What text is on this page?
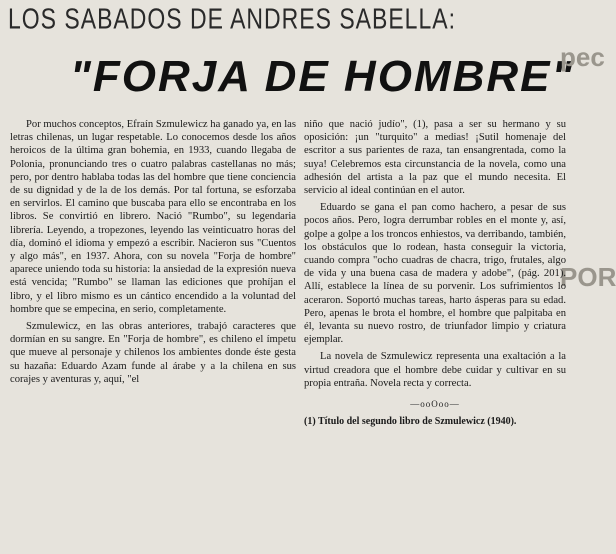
LOS SABADOS DE ANDRES SABELLA:
"FORJA DE HOMBRE"
pec
POR

Por muchos conceptos, Efraín Szmulewicz ha ganado ya, en las letras chilenas, un lugar respetable. Lo conocemos desde los años heroicos de la última gran bohemia, en 1933, cuando llegaba de Polonia, pronunciando tres o cuatro palabras castellanas no más; pero, por dentro hablaba todas las del hombre que tiene conciencia de su dignidad y de la de los demás. Por tal fortuna, se esforzaba en servirlos. El camino que buscaba para ello se encontraba en los libros. Se convirtió en librero. Nació "Rumbo", su legendaria librería. Leyendo, a tropezones, leyendo las veinticuatro horas del día, dominó el idioma y empezó a escribir. Nacieron sus "Cuentos y algo más", en 1937. Ahora, con su novela "Forja de hombre" aparece uniendo toda su historia: la ansiedad de la expresión nueva está vencida; "Rumbo" se llaman las ediciones que prohíjan el libro, y el libro mismo es un cántico encendido a la voluntad del hombre que se empecina, en serio, completamente.

Szmulewicz, en las obras anteriores, trabajó caracteres que dormían en su sangre. En "Forja de hombre", es chileno el ímpetu que mueve al personaje y chilenos los ambientes donde éste gesta su hazaña: Eduardo Azam funde al árabe y a la chilena en sus corajes y aventuras y, aquí, "el

niño que nació judío", (1), pasa a ser su hermano y su oposición: ¡un "turquito" a medias! ¡Sutil homenaje del escritor a sus parientes de raza, tan ensangrentada, como la suya! Celebremos esta circunstancia de la novela, como una adhesión del artista a la paz que el mundo necesita. El servicio al ideal continúan en el autor.

Eduardo se gana el pan como hachero, a pesar de sus pocos años. Pero, logra derrumbar robles en el monte y, así, golpe a golpe a los troncos enhiestos, va derribando, también, los obstáculos que lo rodean, hasta conseguir la victoria, cuando compra "ocho cuadras de chacra, trigo, frutales, algo de vida y una buena casa de madera y adobe", (pág. 201). Allí, establece la línea de su porvenir. Los sufrimientos lo aceraron. Soportó muchas tareas, harto ásperas para su edad. Pero, apenas le brota el hombre, el hombre que palpitaba en él, levanta su nuevo rostro, de triunfador limpio y criatura ejemplar.

La novela de Szmulewicz representa una exaltación a la virtud creadora que el hombre debe cuidar y cultivar en su propia entraña. Novela recta y correcta.

—ooOoo—
(1) Título del segundo libro de Szmulewicz (1940).
